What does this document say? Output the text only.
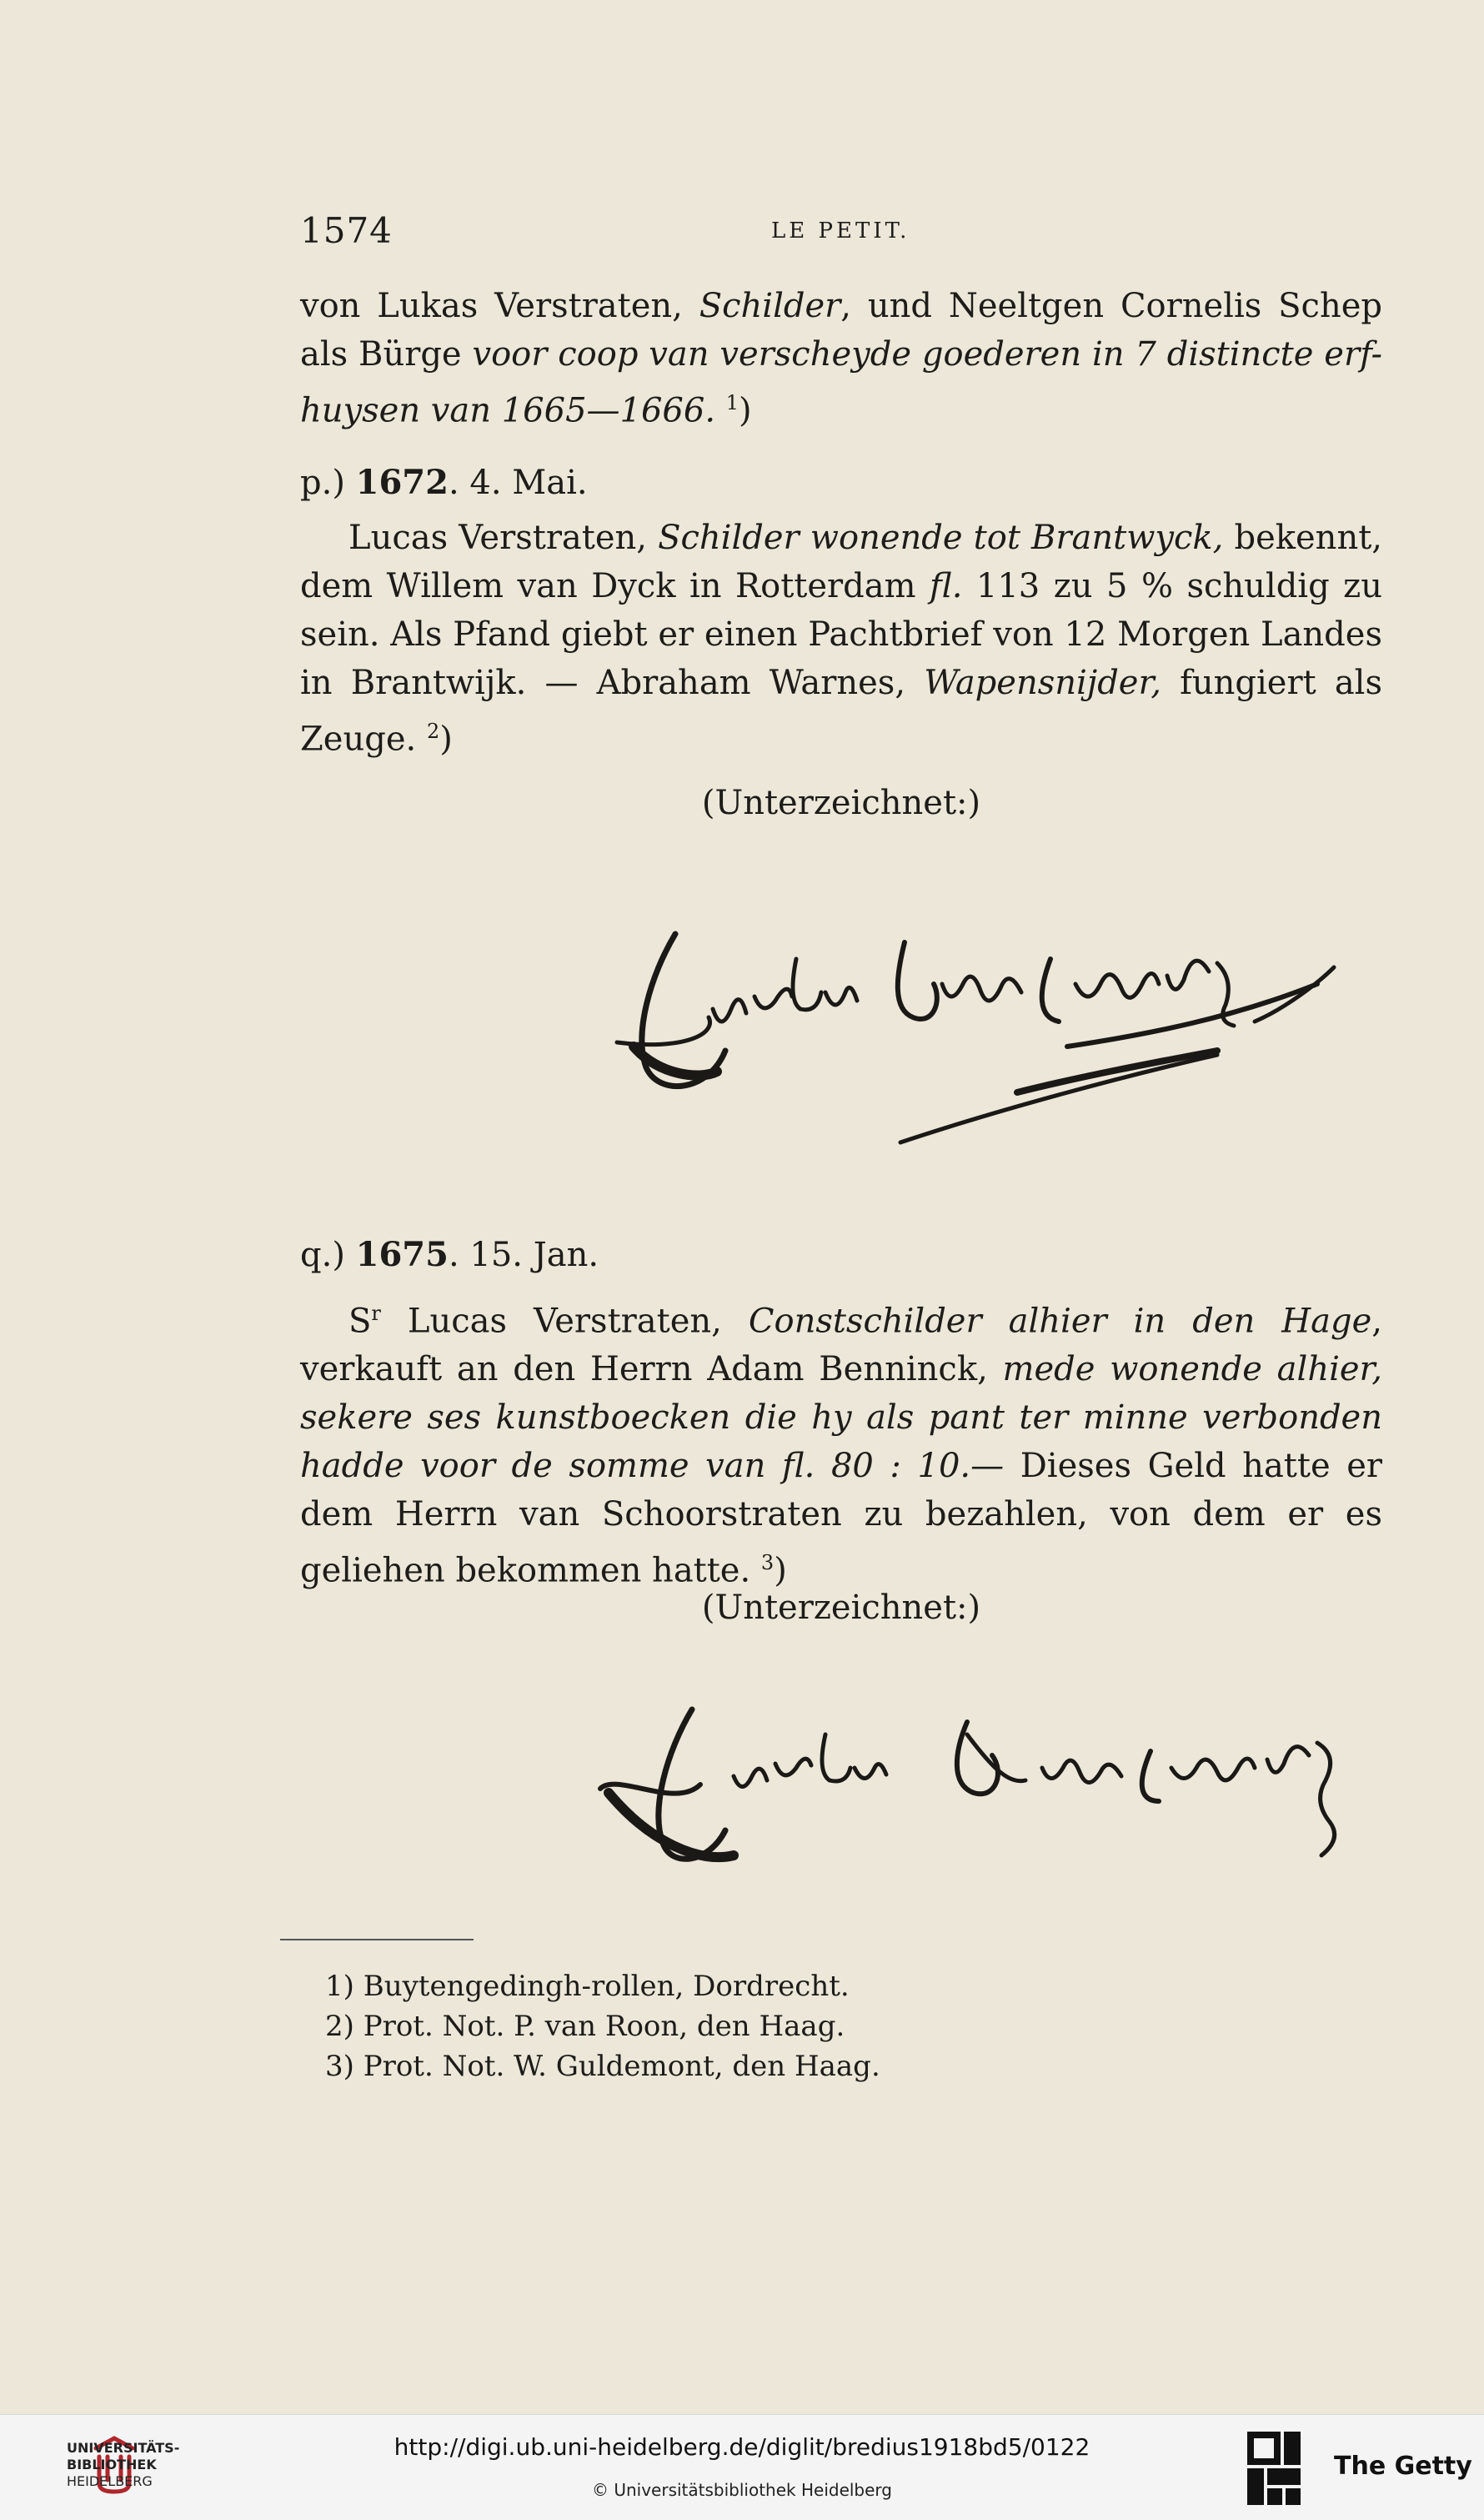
1574	LE PETIT.

von Lukas Verstraten, Schilder, und Neeltgen Cornelis Schep als Bürge voor coop van verscheyde goederen in 7 distincte erf-huysen van 1665—1666. $^1$)

p.) 1672. 4. Mai.

Lucas Verstraten, Schilder wonende tot Brantwyck, bekennt, dem Willem van Dyck in Rotterdam fl. 113 zu 5 % schuldig zu sein. Als Pfand giebt er einen Pachtbrief von 12 Morgen Landes in Brantwijk. — Abraham Warnes, Wapensnijder, fungiert als Zeuge. $^2$)

(Unterzeichnet:)
q.) 1675. 15. Jan.

$S^r$ Lucas Verstraten, Constschilder alhier in den Hage, verkauft an den Herrn Adam Benninck, mede wonende alhier, sekere ses kunstboecken die hy als pant ter minne verbonden hadde voor de somme van fl. 80 : 10.— Dieses Geld hatte er dem Herrn van Schoorstraten zu bezahlen, von dem er es geliehen bekommen hatte. $^3$)

(Unterzeichnet:)
1) Buytengedingh-rollen, Dordrecht.
2) Prot. Not. P. van Roon, den Haag.
3) Prot. Not. W. Guldemont, den Haag.
UNIVERSITÄTS-
BIBLIOTHEK
HEIDELBERG
http://digi.ub.uni-heidelberg.de/diglit/bredius1918bd5/0122
© Universitätsbibliothek Heidelberg
The Getty
